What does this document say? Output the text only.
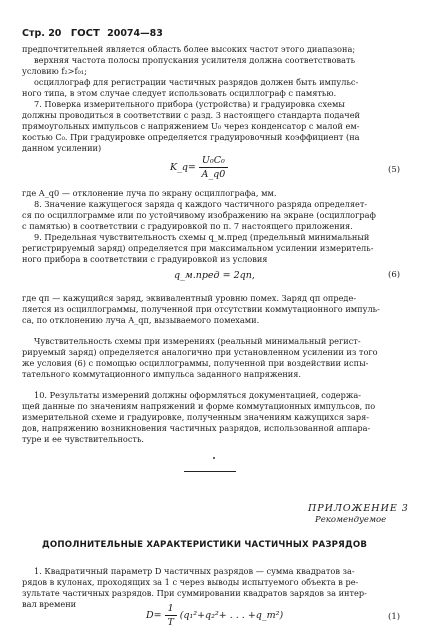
Стр. 20 ГОСТ 20074—83
предпочтительней является область более высоких частот этого диапазона;
верхняя частота полосы пропускания усилителя должна соответствовать
условию f₂>f₀₁;
осциллограф для регистрации частичных разрядов должен быть импульс-
ного типа, в этом случае следует использовать осциллограф с памятью.
7. Поверка измерительного прибора (устройства) и градуировка схемы
должны проводиться в соответствии с разд. 3 настоящего стандарта подачей
прямоугольных импульсов с напряжением U₀ через конденсатор с малой ем-
костью C₀. При градуировке определяется градуировочный коэффициент (на
данном усилении)
K_q= $\frac{\text{U₀C₀}}{A\_q0}$	(5)
где A_q0 — отклонение луча по экрану осциллографа, мм.
8. Значение кажущегося заряда q каждого частичного разряда определяет-
ся по осциллограмме или по устойчивому изображению на экране (осциллограф
с памятью) в соответствии с градуировкой по п. 7 настоящего приложения.
9. Предельная чувствительность схемы q_м.пред (предельный минимальный
регистрируемый заряд) определяется при максимальном усилении измеритель-
ного прибора в соответствии с градуировкой из условия
q_м.пред = 2qп,	(6)
где qп — кажущийся заряд, эквивалентный уровню помех. Заряд qп опреде-
ляется из осциллограммы, полученной при отсутствии коммутационного импуль-
са, по отклонению луча A_qп, вызываемого помехами.
Чувствительность схемы при измерениях (реальный минимальный регист-
рируемый заряд) определяется аналогично при установленном усилении из того
же условия (6) с помощью осциллограммы, полученной при воздействии испы-
тательного коммутационного импульса заданного напряжения.
10. Результаты измерений должны оформляться документацией, содержа-
щей данные по значениям напряжений и форме коммутационных импульсов, по
измерительной схеме и градуировке, полученным значениям кажущихся заря-
дов, напряжению возникновения частичных разрядов, использованной аппара-
туре и ее чувствительность.
ПРИЛОЖЕНИЕ 3
Рекомендуемое
ДОПОЛНИТЕЛЬНЫЕ ХАРАКТЕРИСТИКИ ЧАСТИЧНЫХ РАЗРЯДОВ
1. Квадратичный параметр D частичных разрядов — сумма квадратов за-
рядов в кулонах, проходящих за 1 с через выводы испытуемого объекта в ре-
зультате частичных разрядов. При суммировании квадратов зарядов за интер-
вал времени
$D= \frac{1}{T} (q_1^2+q_2^2+$ . . . +q_m²)	(1)
